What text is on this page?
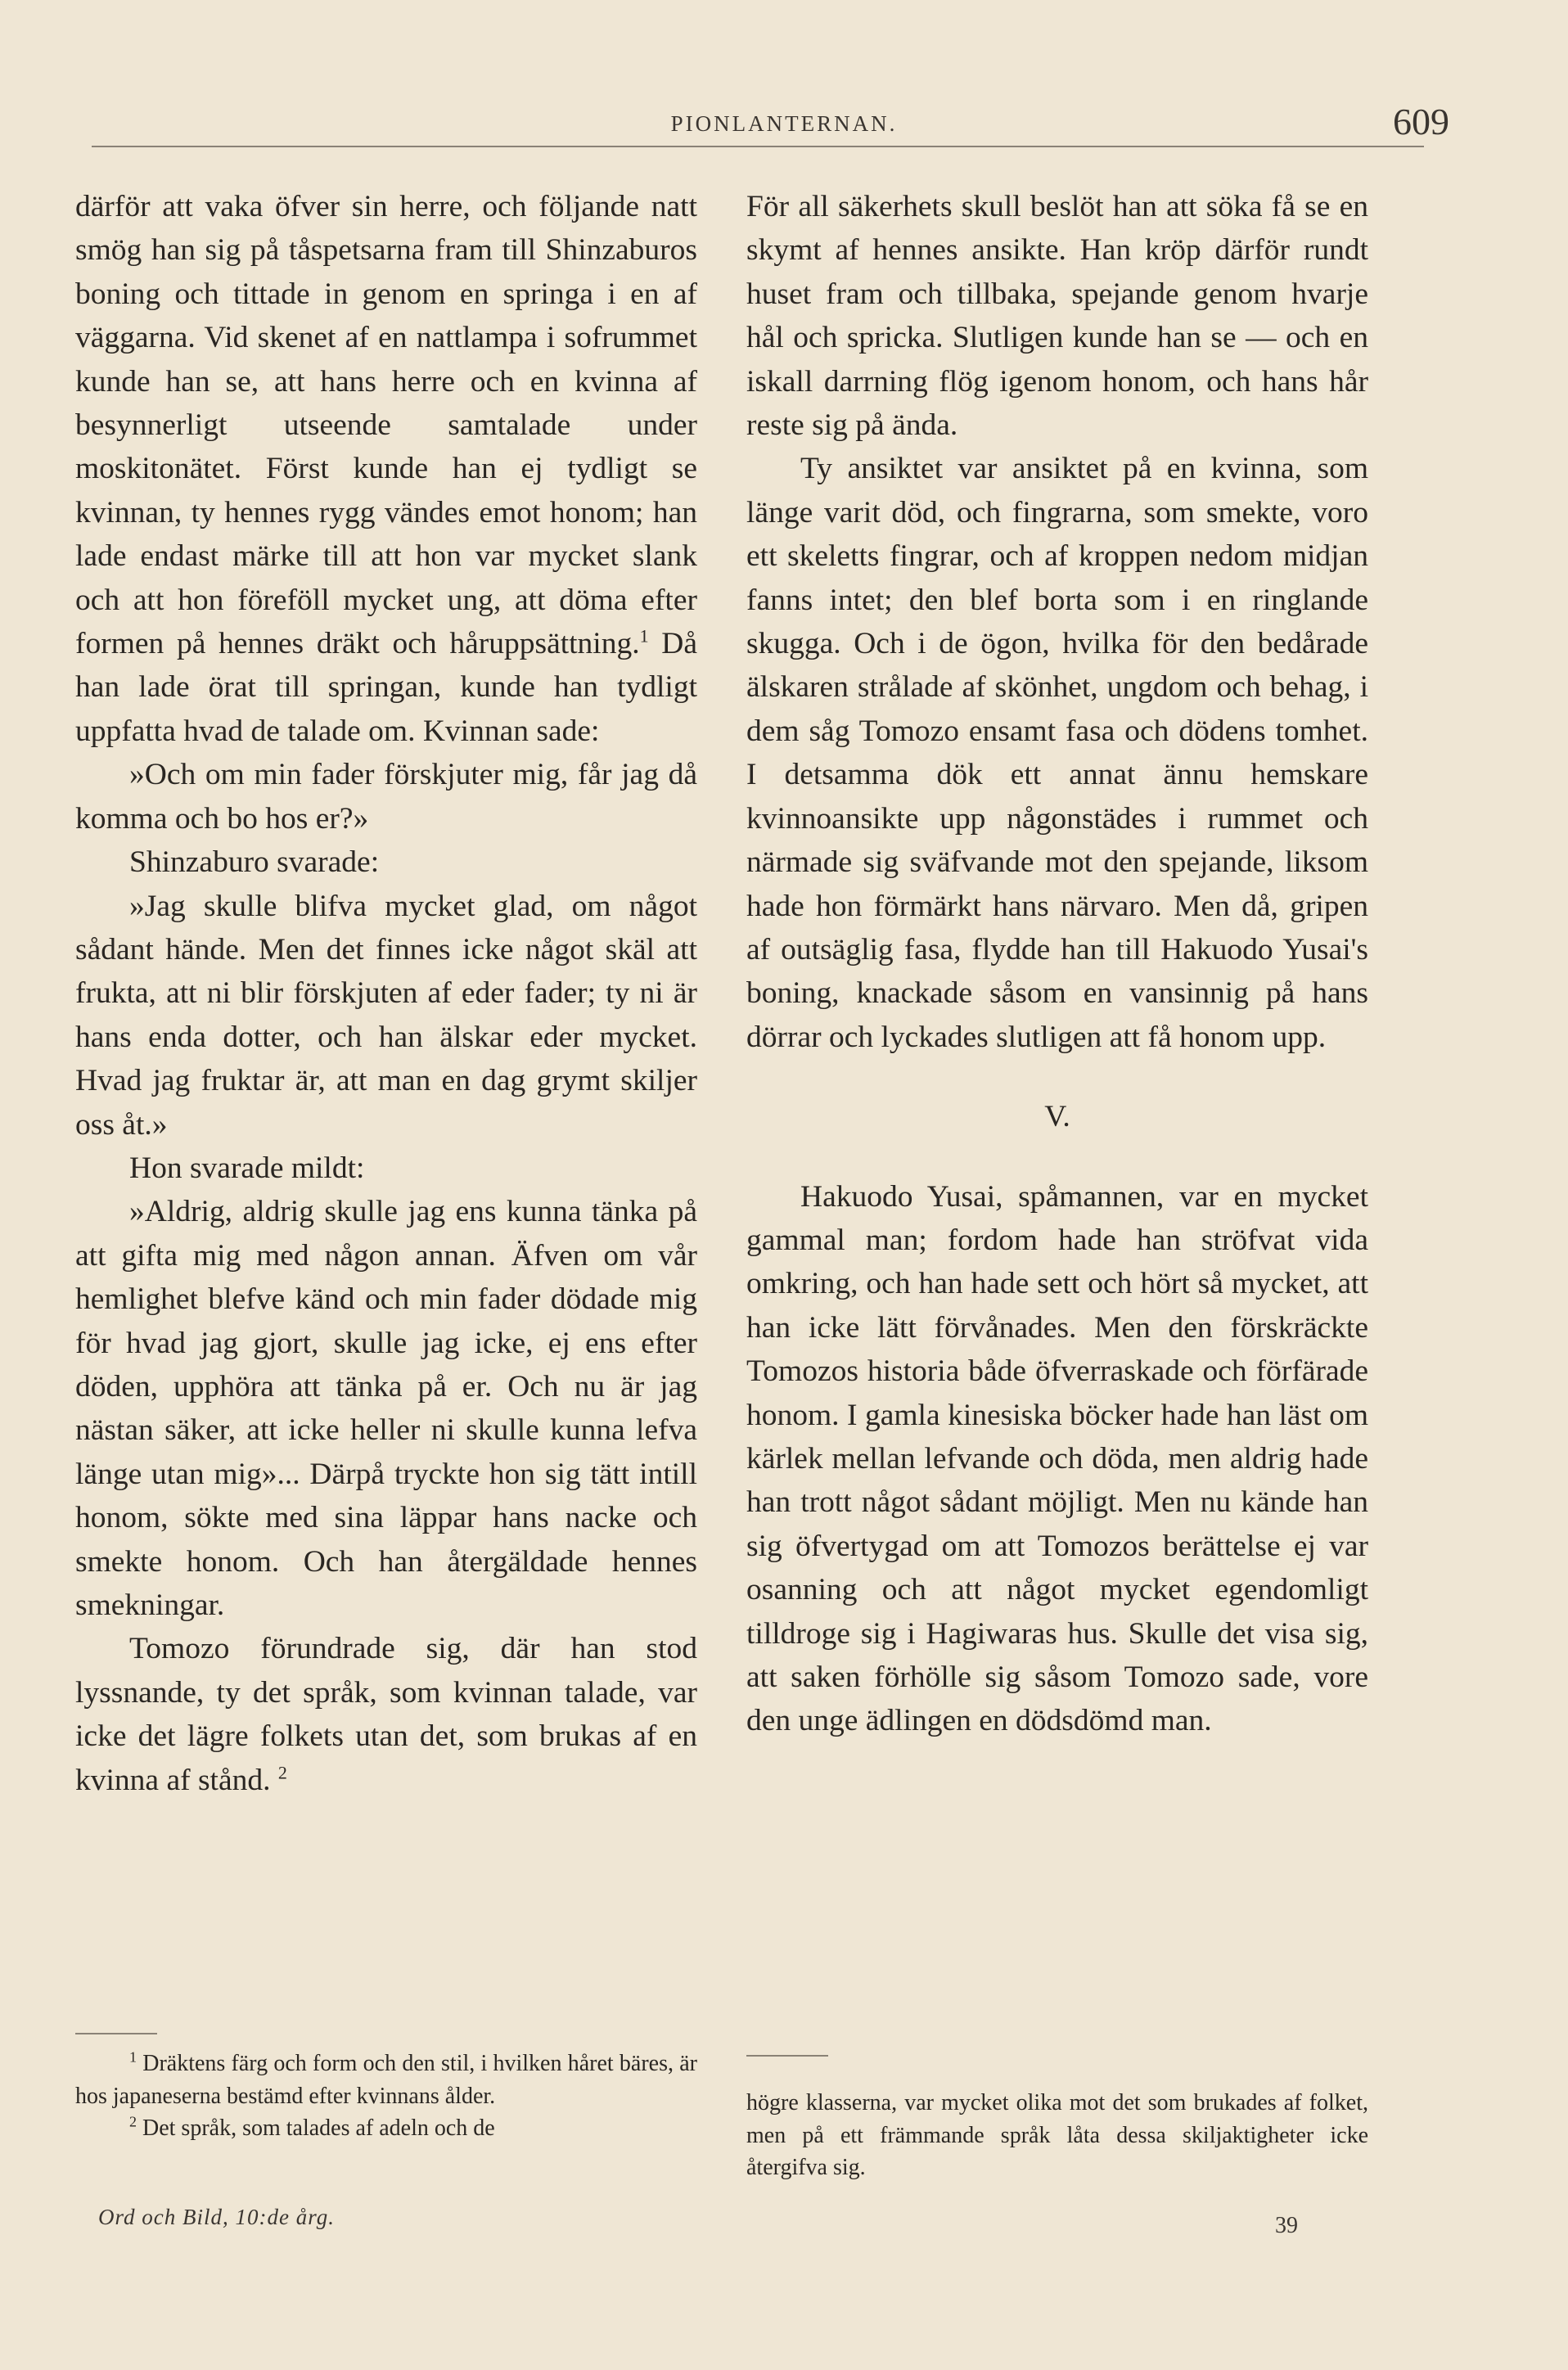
PIONLANTERNAN.	609

därför att vaka öfver sin herre, och följande natt smög han sig på tåspetsarna fram till Shinzaburos boning och tittade in genom en springa i en af väggarna. Vid skenet af en nattlampa i sofrummet kunde han se, att hans herre och en kvinna af besynnerligt utseende samtalade under moskitonätet. Först kunde han ej tydligt se kvinnan, ty hennes rygg vändes emot honom; han lade endast märke till att hon var mycket slank och att hon föreföll mycket ung, att döma efter formen på hennes dräkt och håruppsättning.$^1$ Då han lade örat till springan, kunde han tydligt uppfatta hvad de talade om. Kvinnan sade:

»Och om min fader förskjuter mig, får jag då komma och bo hos er?»

Shinzaburo svarade:

»Jag skulle blifva mycket glad, om något sådant hände. Men det finnes icke något skäl att frukta, att ni blir förskjuten af eder fader; ty ni är hans enda dotter, och han älskar eder mycket. Hvad jag fruktar är, att man en dag grymt skiljer oss åt.»

Hon svarade mildt:

»Aldrig, aldrig skulle jag ens kunna tänka på att gifta mig med någon annan. Äfven om vår hemlighet blefve känd och min fader dödade mig för hvad jag gjort, skulle jag icke, ej ens efter döden, upphöra att tänka på er. Och nu är jag nästan säker, att icke heller ni skulle kunna lefva länge utan mig»... Därpå tryckte hon sig tätt intill honom, sökte med sina läppar hans nacke och smekte honom. Och han återgäldade hennes smekningar.

Tomozo förundrade sig, där han stod lyssnande, ty det språk, som kvinnan talade, var icke det lägre folkets utan det, som brukas af en kvinna af stånd. $^2$

För all säkerhets skull beslöt han att söka få se en skymt af hennes ansikte. Han kröp därför rundt huset fram och tillbaka, spejande genom hvarje hål och spricka. Slutligen kunde han se — och en iskall darrning flög igenom honom, och hans hår reste sig på ända.

Ty ansiktet var ansiktet på en kvinna, som länge varit död, och fingrarna, som smekte, voro ett skeletts fingrar, och af kroppen nedom midjan fanns intet; den blef borta som i en ringlande skugga. Och i de ögon, hvilka för den bedårade älskaren strålade af skönhet, ungdom och behag, i dem såg Tomozo ensamt fasa och dödens tomhet. I detsamma dök ett annat ännu hemskare kvinnoansikte upp någonstädes i rummet och närmade sig sväfvande mot den spejande, liksom hade hon förmärkt hans närvaro. Men då, gripen af outsäglig fasa, flydde han till Hakuodo Yusai's boning, knackade såsom en vansinnig på hans dörrar och lyckades slutligen att få honom upp.

V.

Hakuodo Yusai, spåmannen, var en mycket gammal man; fordom hade han ströfvat vida omkring, och han hade sett och hört så mycket, att han icke lätt förvånades. Men den förskräckte Tomozos historia både öfverraskade och förfärade honom. I gamla kinesiska böcker hade han läst om kärlek mellan lefvande och döda, men aldrig hade han trott något sådant möjligt. Men nu kände han sig öfvertygad om att Tomozos berättelse ej var osanning och att något mycket egendomligt tilldroge sig i Hagiwaras hus. Skulle det visa sig, att saken förhölle sig såsom Tomozo sade, vore den unge ädlingen en dödsdömd man.

$^1$ Dräktens färg och form och den stil, i hvilken håret bäres, är hos japaneserna bestämd efter kvinnans ålder.

$^2$ Det språk, som talades af adeln och de

högre klasserna, var mycket olika mot det som brukades af folket, men på ett främmande språk låta dessa skiljaktigheter icke återgifva sig.

Ord och Bild, 10:de årg.	39
